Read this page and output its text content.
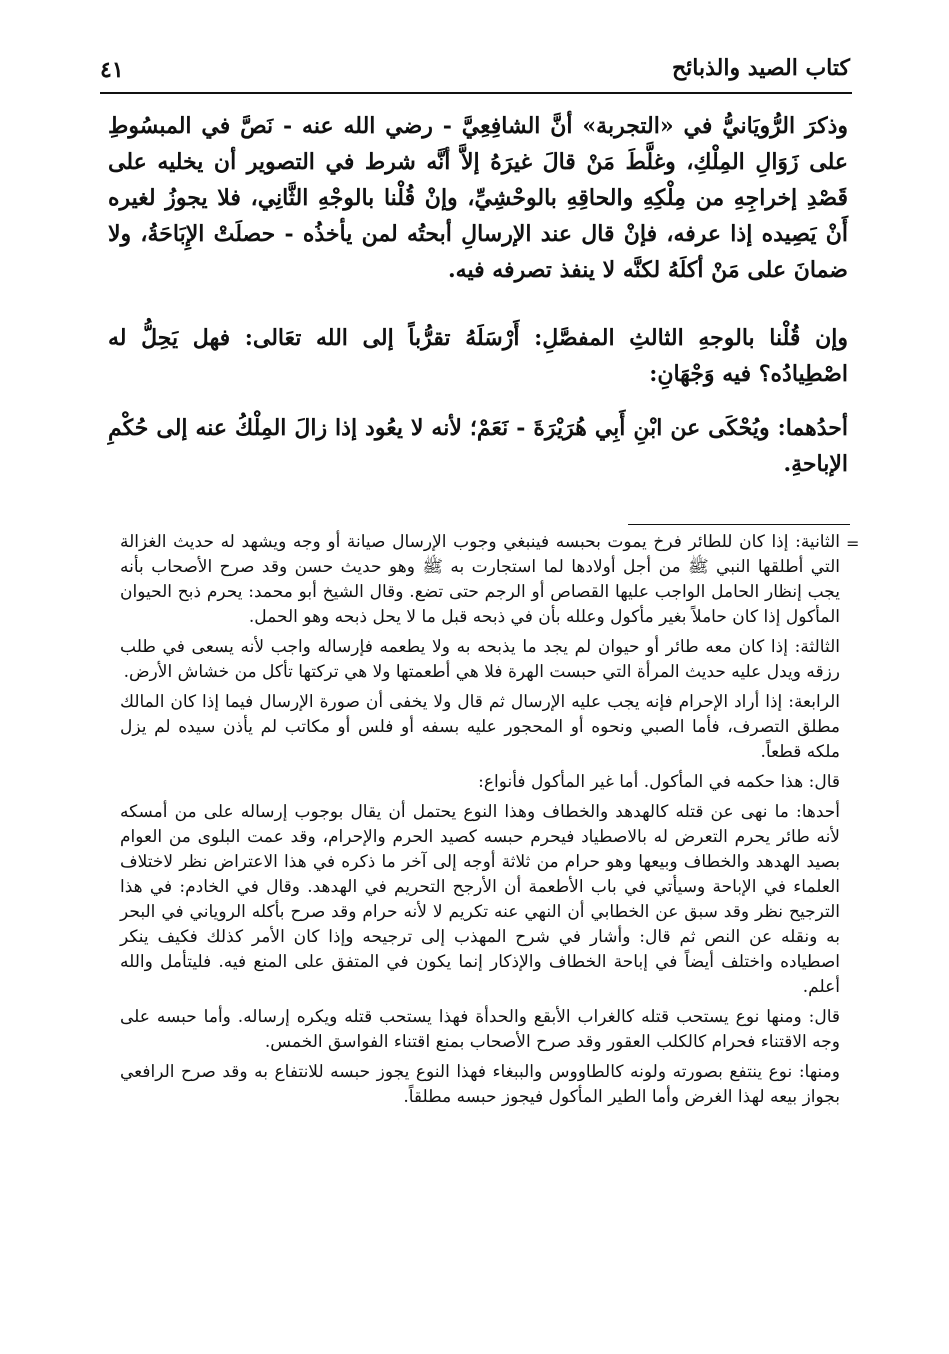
كتاب الصيد والذبائح
٤١

وذكرَ الرُّويَانيُّ في «التجربة» أنَّ الشافِعِيَّ - رضي الله عنه - نَصَّ في المبسُوطِ على زَوَالِ المِلْكِ، وغلَّطَ مَنْ قالَ غيرَهُ إلاَّ أنَّه شرط في التصوير أن يخليه على قَصْدِ إخراجِهِ من مِلْكِهِ والحاقِهِ بالوحْشِيِّ، وإنْ قُلْنا بالوجْهِ الثَّانِي، فلا يجوزُ لغيره أَنْ يَصِيده إذا عرفه، فإنْ قال عند الإرسالِ أبحتُه لمن يأخذُه - حصلَتْ الإِبَاحَةُ، ولا ضمانَ على مَنْ أكلَهُ لكنَّه لا ينفذ تصرفه فيه.

وإن قُلْنا بالوجهِ الثالثِ المفصَّلِ: أَرْسَلَهُ تقرُّباً إلى الله تعَالى: فهل يَحِلُّ له اصْطِيادُه؟ فيه وَجْهَانِ:

أحدُهما: ويُحْكَى عن ابْنِ أَبِي هُرَيْرَةَ - نَعَمْ؛ لأنه لا يعُود إذا زالَ المِلْكُ عنه إلى حُكْمِ الإباحةِ.

=

الثانية: إذا كان للطائر فرخ يموت بحبسه فينبغي وجوب الإرسال صيانة أو وجه ويشهد له حديث الغزالة التي أطلقها النبي ﷺ من أجل أولادها لما استجارت به ﷺ وهو حديث حسن وقد صرح الأصحاب بأنه يجب إنظار الحامل الواجب عليها القصاص أو الرجم حتى تضع. وقال الشيخ أبو محمد: يحرم ذبح الحيوان المأكول إذا كان حاملاً بغير مأكول وعلله بأن في ذبحه قبل ما لا يحل ذبحه وهو الحمل.

الثالثة: إذا كان معه طائر أو حيوان لم يجد ما يذبحه به ولا يطعمه فإرساله واجب لأنه يسعى في طلب رزقه ويدل عليه حديث المرأة التي حبست الهرة فلا هي أطعمتها ولا هي تركتها تأكل من خشاش الأرض.

الرابعة: إذا أراد الإحرام فإنه يجب عليه الإرسال ثم قال ولا يخفى أن صورة الإرسال فيما إذا كان المالك مطلق التصرف، فأما الصبي ونحوه أو المحجور عليه بسفه أو فلس أو مكاتب لم يأذن سيده لم يزل ملكه قطعاً.

قال: هذا حكمه في المأكول. أما غير المأكول فأنواع:

أحدها: ما نهى عن قتله كالهدهد والخطاف وهذا النوع يحتمل أن يقال بوجوب إرساله على من أمسكه لأنه طائر يحرم التعرض له بالاصطياد فيحرم حبسه كصيد الحرم والإحرام، وقد عمت البلوى من العوام بصيد الهدهد والخطاف وبيعها وهو حرام من ثلاثة أوجه إلى آخر ما ذكره في هذا الاعتراض نظر لاختلاف العلماء في الإباحة وسيأتي في باب الأطعمة أن الأرجح التحريم في الهدهد. وقال في الخادم: في هذا الترجيح نظر وقد سبق عن الخطابي أن النهي عنه تكريم لا لأنه حرام وقد صرح بأكله الروياني في البحر به ونقله عن النص ثم قال: وأشار في شرح المهذب إلى ترجيحه وإذا كان الأمر كذلك فكيف ينكر اصطياده واختلف أيضاً في إباحة الخطاف والإذكار إنما يكون في المتفق على المنع فيه. فليتأمل والله أعلم.

قال: ومنها نوع يستحب قتله كالغراب الأبقع والحدأة فهذا يستحب قتله ويكره إرساله. وأما حبسه على وجه الاقتناء فحرام كالكلب العقور وقد صرح الأصحاب بمنع اقتناء الفواسق الخمس.

ومنها: نوع ينتفع بصورته ولونه كالطاووس والببغاء فهذا النوع يجوز حبسه للانتفاع به وقد صرح الرافعي بجواز بيعه لهذا الغرض وأما الطير المأكول فيجوز حبسه مطلقاً.
